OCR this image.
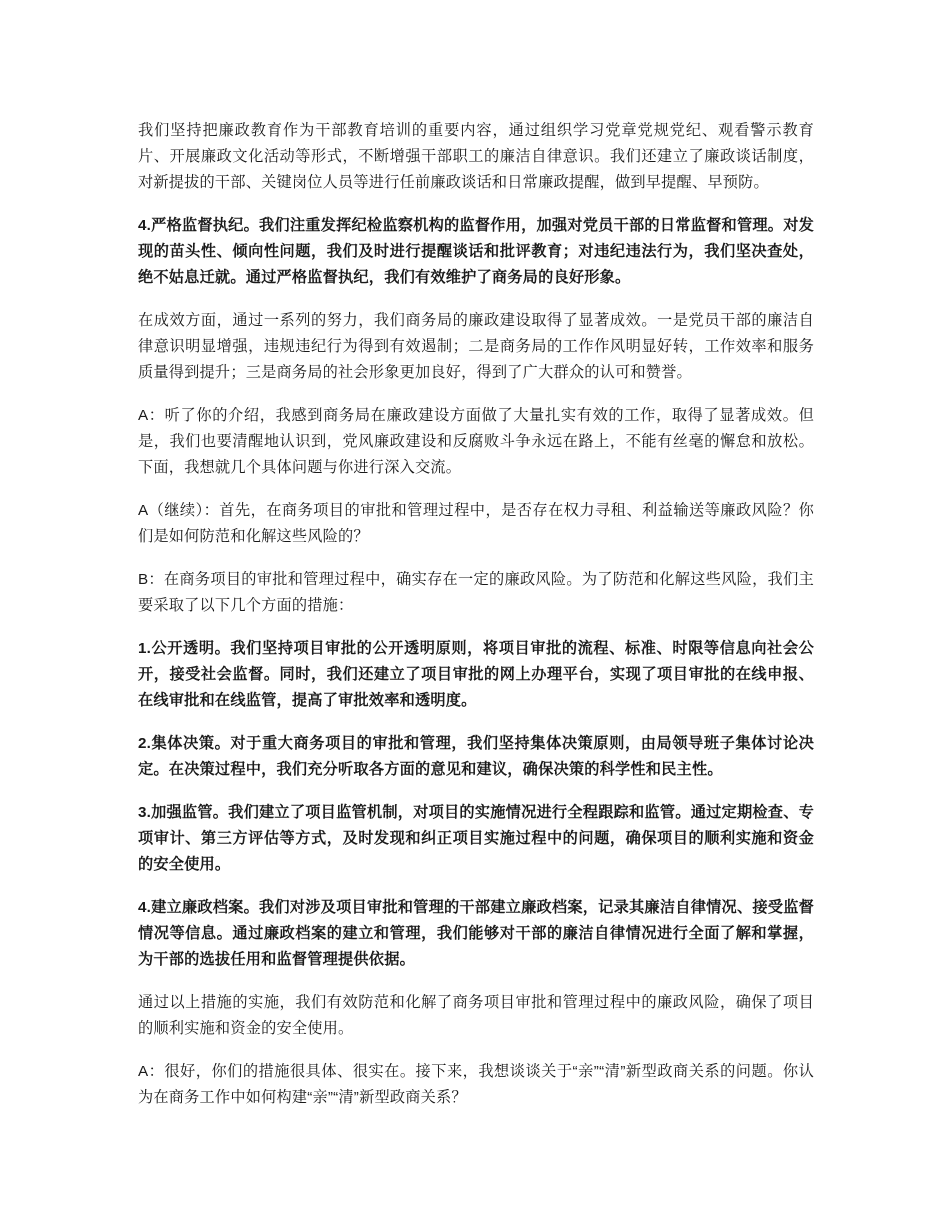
我们坚持把廉政教育作为干部教育培训的重要内容，通过组织学习党章党规党纪、观看警示教育片、开展廉政文化活动等形式，不断增强干部职工的廉洁自律意识。我们还建立了廉政谈话制度，对新提拔的干部、关键岗位人员等进行任前廉政谈话和日常廉政提醒，做到早提醒、早预防。

4.严格监督执纪。我们注重发挥纪检监察机构的监督作用，加强对党员干部的日常监督和管理。对发现的苗头性、倾向性问题，我们及时进行提醒谈话和批评教育；对违纪违法行为，我们坚决查处，绝不姑息迁就。通过严格监督执纪，我们有效维护了商务局的良好形象。

在成效方面，通过一系列的努力，我们商务局的廉政建设取得了显著成效。一是党员干部的廉洁自律意识明显增强，违规违纪行为得到有效遏制；二是商务局的工作作风明显好转，工作效率和服务质量得到提升；三是商务局的社会形象更加良好，得到了广大群众的认可和赞誉。

A：听了你的介绍，我感到商务局在廉政建设方面做了大量扎实有效的工作，取得了显著成效。但是，我们也要清醒地认识到，党风廉政建设和反腐败斗争永远在路上，不能有丝毫的懈怠和放松。下面，我想就几个具体问题与你进行深入交流。

A（继续）：首先，在商务项目的审批和管理过程中，是否存在权力寻租、利益输送等廉政风险？你们是如何防范和化解这些风险的？

B：在商务项目的审批和管理过程中，确实存在一定的廉政风险。为了防范和化解这些风险，我们主要采取了以下几个方面的措施：

1.公开透明。我们坚持项目审批的公开透明原则，将项目审批的流程、标准、时限等信息向社会公开，接受社会监督。同时，我们还建立了项目审批的网上办理平台，实现了项目审批的在线申报、在线审批和在线监管，提高了审批效率和透明度。

2.集体决策。对于重大商务项目的审批和管理，我们坚持集体决策原则，由局领导班子集体讨论决定。在决策过程中，我们充分听取各方面的意见和建议，确保决策的科学性和民主性。

3.加强监管。我们建立了项目监管机制，对项目的实施情况进行全程跟踪和监管。通过定期检查、专项审计、第三方评估等方式，及时发现和纠正项目实施过程中的问题，确保项目的顺利实施和资金的安全使用。

4.建立廉政档案。我们对涉及项目审批和管理的干部建立廉政档案，记录其廉洁自律情况、接受监督情况等信息。通过廉政档案的建立和管理，我们能够对干部的廉洁自律情况进行全面了解和掌握，为干部的选拔任用和监督管理提供依据。

通过以上措施的实施，我们有效防范和化解了商务项目审批和管理过程中的廉政风险，确保了项目的顺利实施和资金的安全使用。

A：很好，你们的措施很具体、很实在。接下来，我想谈谈关于“亲”“清”新型政商关系的问题。你认为在商务工作中如何构建“亲”“清”新型政商关系？
